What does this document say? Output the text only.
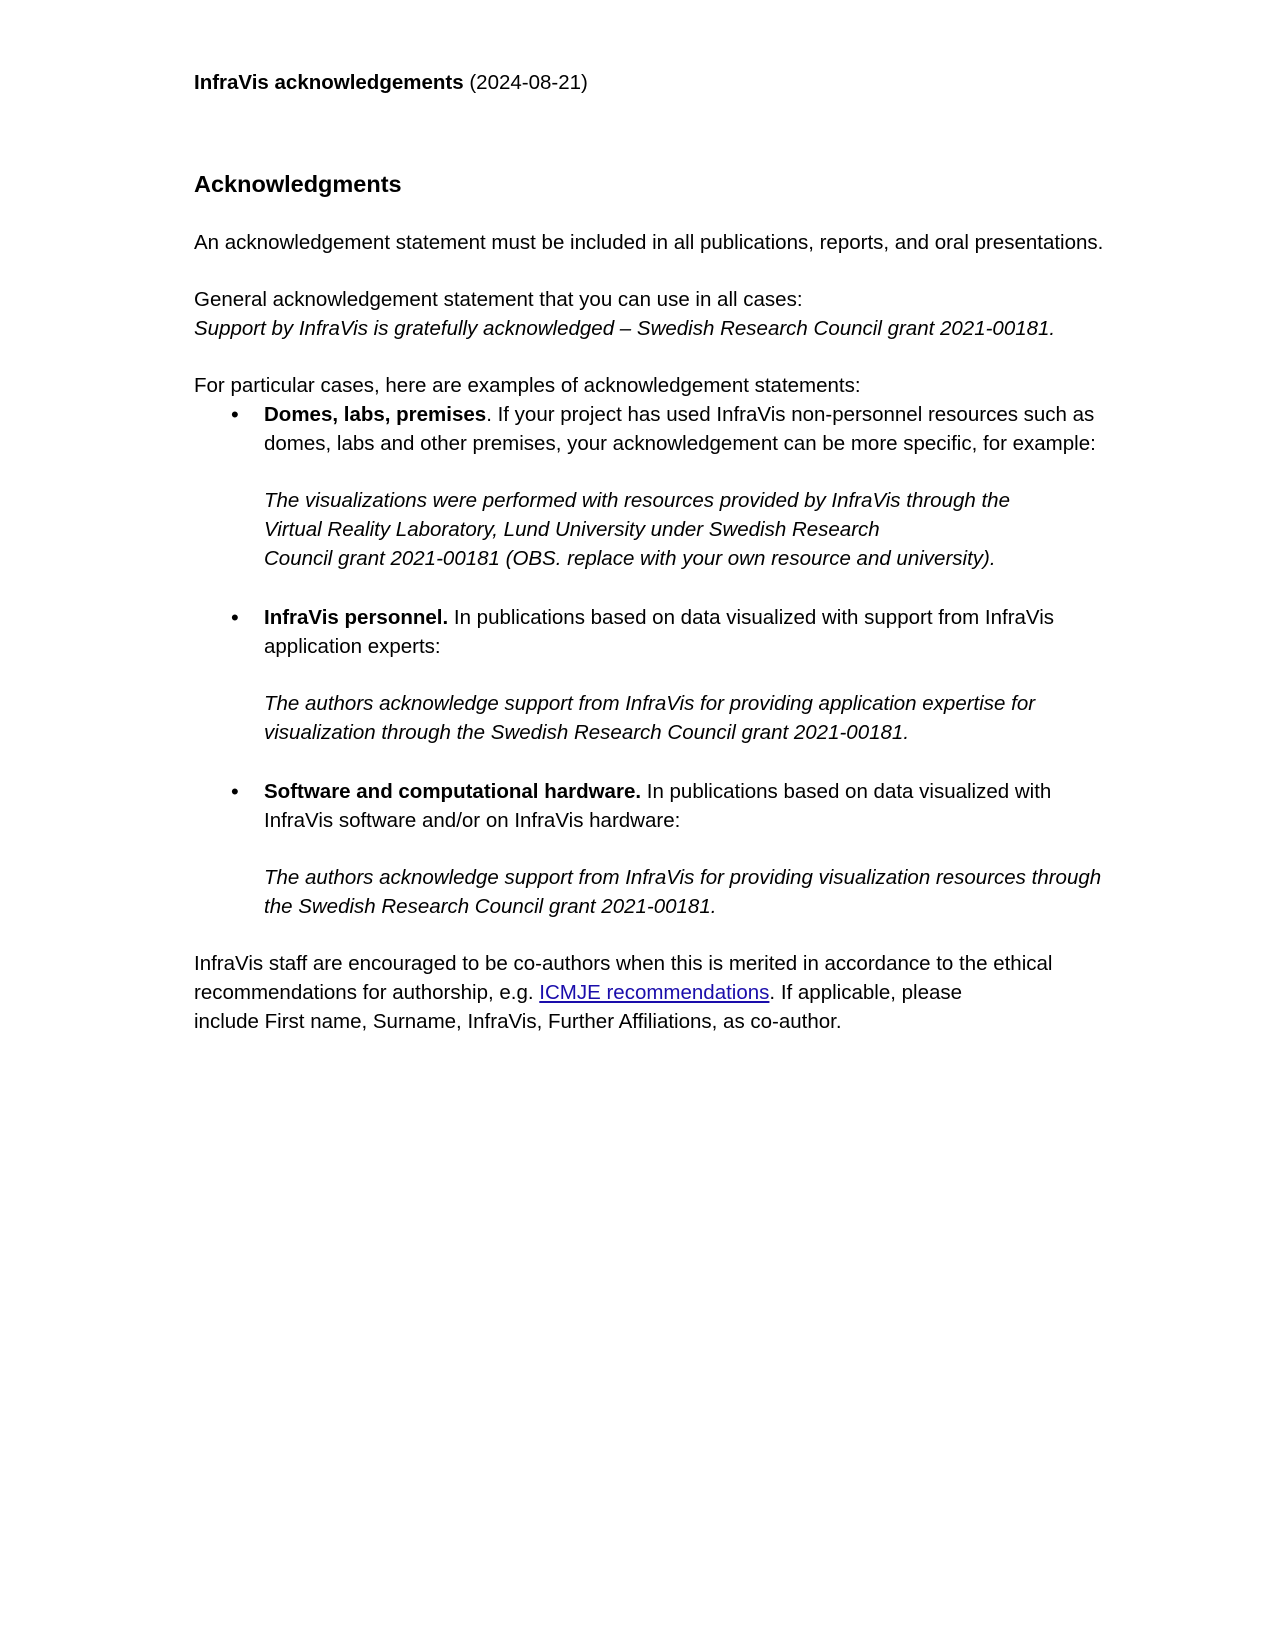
InfraVis acknowledgements (2024-08-21)

Acknowledgments

An acknowledgement statement must be included in all publications, reports, and oral presentations.

General acknowledgement statement that you can use in all cases:

Support by InfraVis is gratefully acknowledged – Swedish Research Council grant 2021-00181.

For particular cases, here are examples of acknowledgement statements:

• Domes, labs, premises. If your project has used InfraVis non-personnel resources such as domes, labs and other premises, your acknowledgement can be more specific, for example:

The visualizations were performed with resources provided by InfraVis through the
Virtual Reality Laboratory, Lund University under Swedish Research
Council grant 2021-00181 (OBS. replace with your own resource and university).

• InfraVis personnel. In publications based on data visualized with support from InfraVis application experts:

The authors acknowledge support from InfraVis for providing application expertise for visualization through the Swedish Research Council grant 2021-00181.

• Software and computational hardware. In publications based on data visualized with InfraVis software and/or on InfraVis hardware:

The authors acknowledge support from InfraVis for providing visualization resources through the Swedish Research Council grant 2021-00181.

InfraVis staff are encouraged to be co-authors when this is merited in accordance to the ethical recommendations for authorship, e.g. ICMJE recommendations. If applicable, please
include First name, Surname, InfraVis, Further Affiliations, as co-author.
